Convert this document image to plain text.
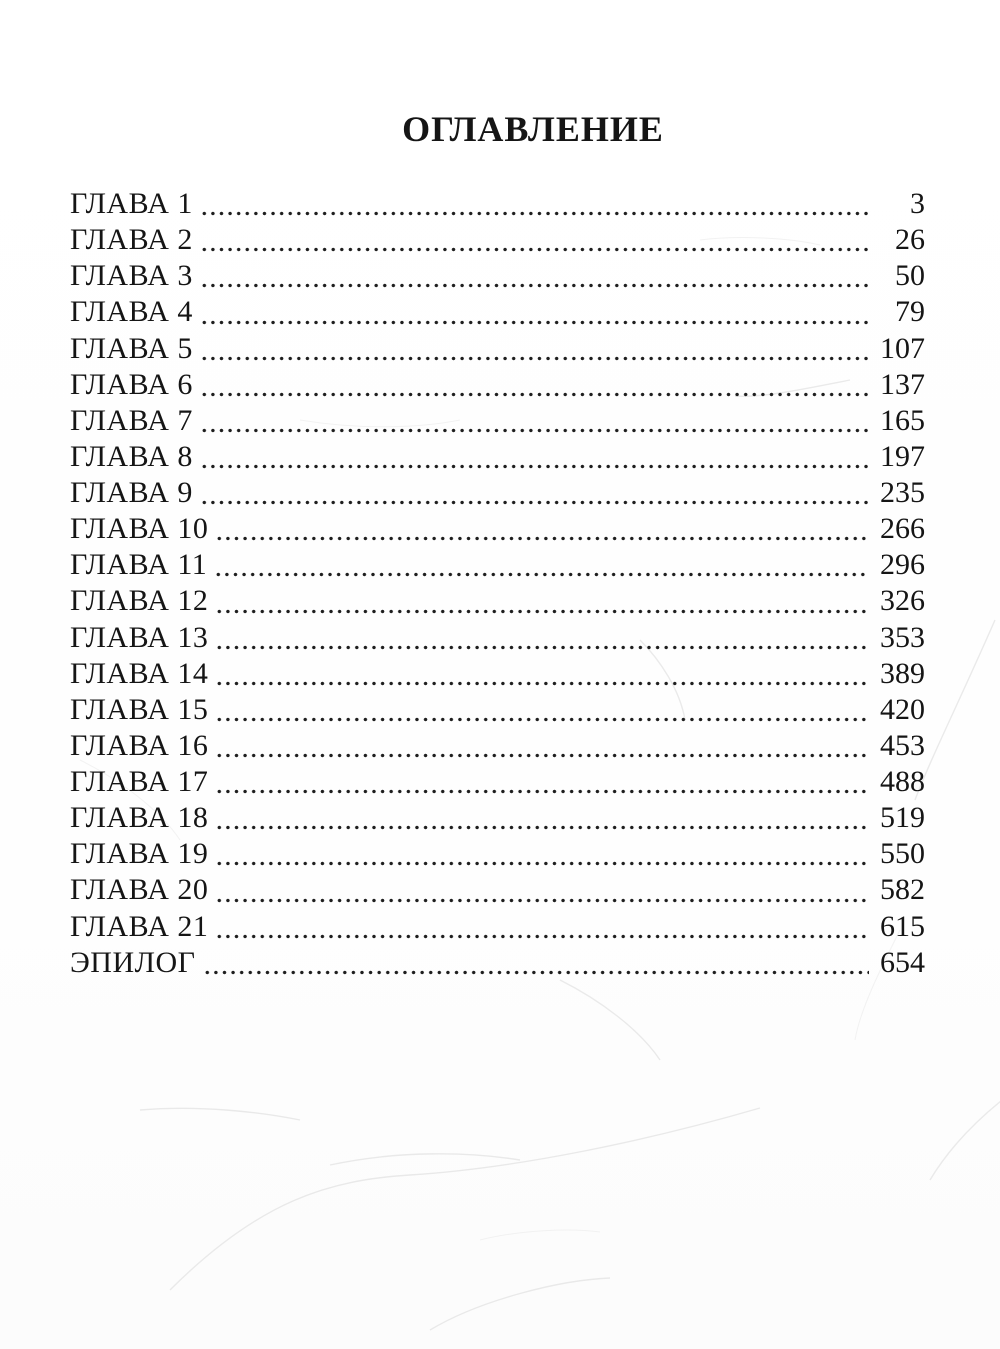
ОГЛАВЛЕНИЕ
ГЛАВА 1	3
ГЛАВА 2	26
ГЛАВА 3	50
ГЛАВА 4	79
ГЛАВА 5	107
ГЛАВА 6	137
ГЛАВА 7	165
ГЛАВА 8	197
ГЛАВА 9	235
ГЛАВА 10	266
ГЛАВА 11	296
ГЛАВА 12	326
ГЛАВА 13	353
ГЛАВА 14	389
ГЛАВА 15	420
ГЛАВА 16	453
ГЛАВА 17	488
ГЛАВА 18	519
ГЛАВА 19	550
ГЛАВА 20	582
ГЛАВА 21	615
ЭПИЛОГ	654
